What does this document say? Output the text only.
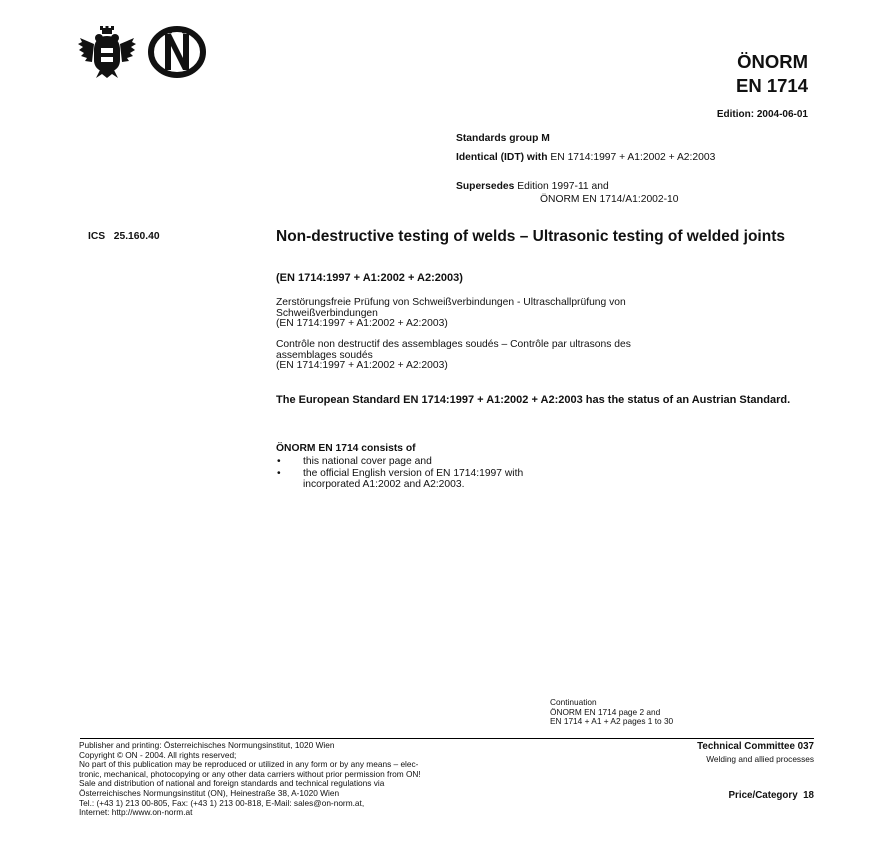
ÖNORM
EN 1714
Edition: 2004-06-01
Standards group M
Identical (IDT) with EN 1714:1997 + A1:2002 + A2:2003
Supersedes Edition 1997-11 and
ÖNORM EN 1714/A1:2002-10
ICS   25.160.40	Non-destructive testing of welds – Ultrasonic testing of welded joints
(EN 1714:1997 + A1:2002 + A2:2003)
Zerstörungsfreie Prüfung von Schweißverbindungen - Ultraschallprüfung von
Schweißverbindungen
(EN 1714:1997 + A1:2002 + A2:2003)
Contrôle non destructif des assemblages soudés – Contrôle par ultrasons des
assemblages soudés
(EN 1714:1997 + A1:2002 + A2:2003)
The European Standard EN 1714:1997 + A1:2002 + A2:2003 has the status of an Austrian Standard.
ÖNORM EN 1714 consists of
•	this national cover page and
•	the official English version of EN 1714:1997 with
incorporated A1:2002 and A2:2003.
Continuation
ÖNORM EN 1714 page 2 and
EN 1714 + A1 + A2 pages 1 to 30
Publisher and printing: Österreichisches Normungsinstitut, 1020 Wien
Copyright © ON - 2004. All rights reserved;
No part of this publication may be reproduced or utilized in any form or by any means – elec-
tronic, mechanical, photocopying or any other data carriers without prior permission from ON!
Sale and distribution of national and foreign standards and technical regulations via
Österreichisches Normungsinstitut (ON), Heinestraße 38, A-1020 Wien
Tel.: (+43 1) 213 00-805, Fax: (+43 1) 213 00-818, E-Mail: sales@on-norm.at,
Internet: http://www.on-norm.at
Technical Committee 037
Welding and allied processes
Price/Category  18
